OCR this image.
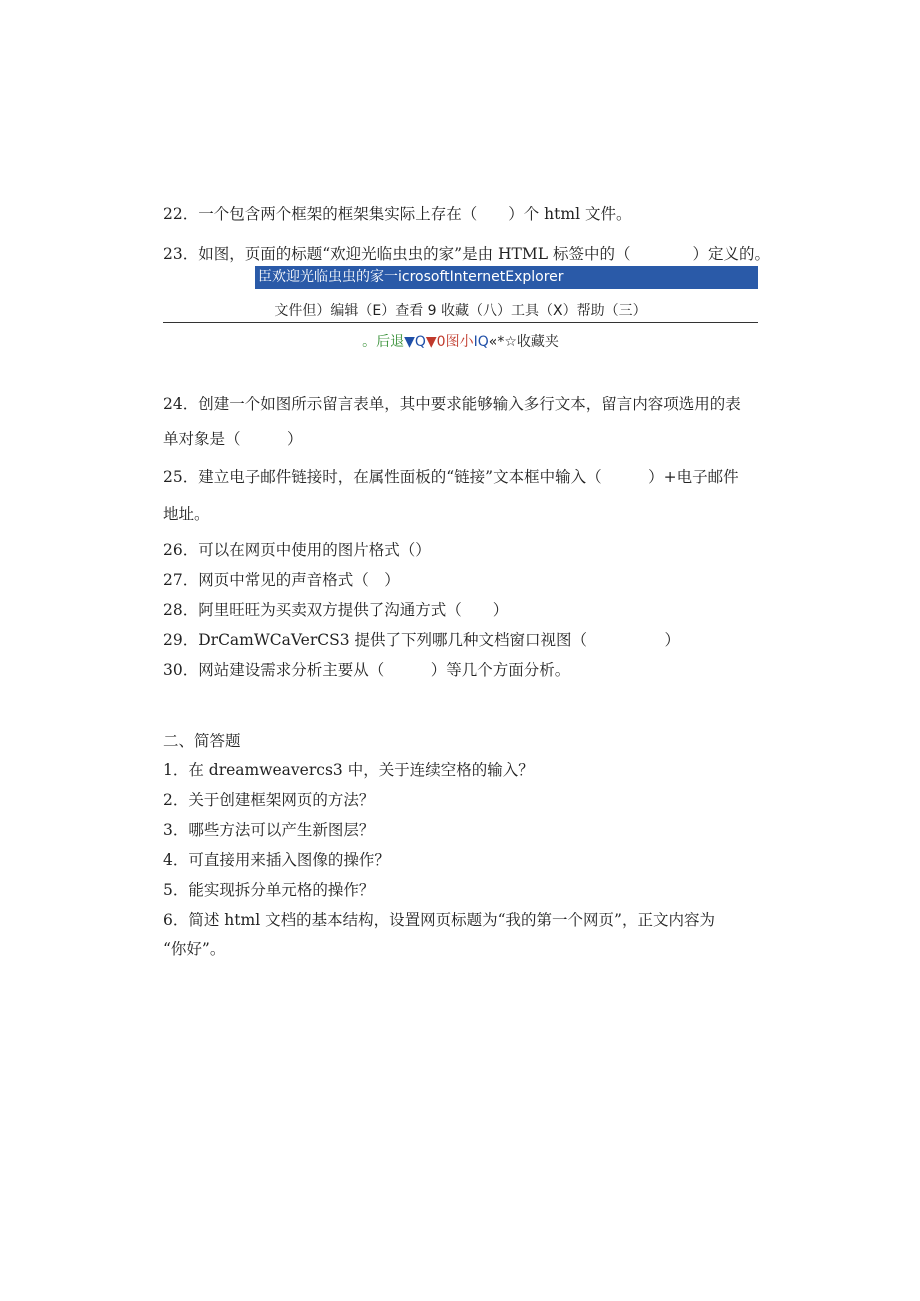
22．一个包含两个框架的框架集实际上存在（　　）个 html 文件。
23．如图，页面的标题“欢迎光临虫虫的家”是由 HTML 标签中的（　　　　）定义的。
臣欢迎光临虫虫的家一icrosoftInternetExplorer
文件但）编辑（E）查看 9 收藏（八）工具（X）帮助（三）
。后退▼Q▼0图小IQ«*☆收藏夹
24．创建一个如图所示留言表单，其中要求能够输入多行文本，留言内容项选用的表
单对象是（　　　）
25．建立电子邮件链接时，在属性面板的“链接”文本框中输入（　　　）+电子邮件
地址。
26．可以在网页中使用的图片格式（）
27．网页中常见的声音格式（　）
28．阿里旺旺为买卖双方提供了沟通方式（　　）
29．DrCamWCaVerCS3 提供了下列哪几种文档窗口视图（　　　　　）
30．网站建设需求分析主要从（　　　）等几个方面分析。
二、简答题
1．在 dreamweavercs3 中，关于连续空格的输入？
2．关于创建框架网页的方法？
3．哪些方法可以产生新图层？
4．可直接用来插入图像的操作？
5．能实现拆分单元格的操作？
6．简述 html 文档的基本结构，设置网页标题为“我的第一个网页”，正文内容为
“你好”。
